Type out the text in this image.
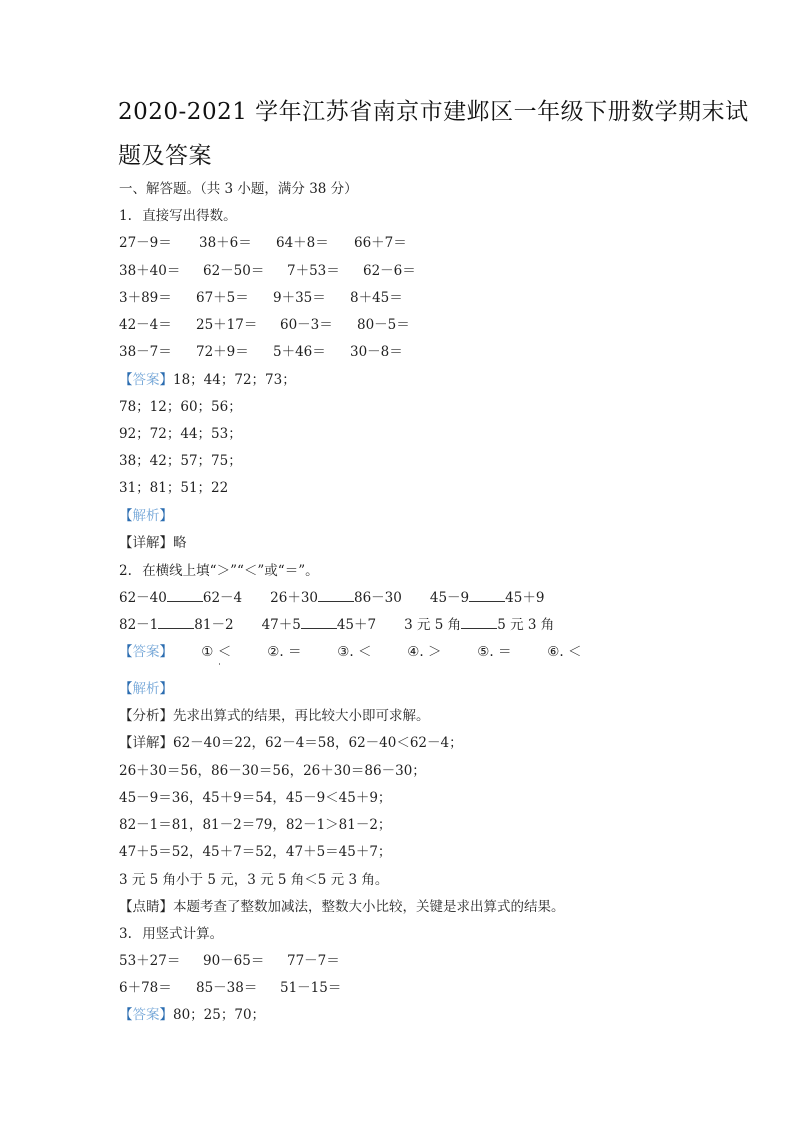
2020-2021 学年江苏省南京市建邺区一年级下册数学期末试
题及答案
一、解答题。（共 3 小题，满分 38 分）
1. 直接写出得数。
27－9＝ 38＋6＝ 64＋8＝ 66＋7＝
38＋40＝ 62－50＝ 7＋53＝ 62－6＝
3＋89＝ 67＋5＝ 9＋35＝ 8＋45＝
42－4＝ 25＋17＝ 60－3＝ 80－5＝
38－7＝ 72＋9＝ 5＋46＝ 30－8＝
【答案】18；44；72；73；
78；12；60；56；
92；72；44；53；
38；42；57；75；
31；81；51；22
【解析】
【详解】略
2. 在横线上填“＞”“＜”或“＝”。
62－40	62－4 26＋30	86－30 45－9	45＋9
82－1	81－2 47＋5	45＋7 3 元 5 角	5 元 3 角
【答案】 ① ＜	②. ＝	③. ＜	④. ＞	⑤. ＝	⑥. ＜
【解析】
【分析】先求出算式的结果，再比较大小即可求解。
【详解】62－40＝22，62－4＝58，62－40＜62－4；
26＋30＝56，86－30＝56，26＋30＝86－30；
45－9＝36，45＋9＝54，45－9＜45＋9；
82－1＝81，81－2＝79，82－1＞81－2；
47＋5＝52，45＋7＝52，47＋5＝45＋7；
3 元 5 角小于 5 元，3 元 5 角＜5 元 3 角。
【点睛】本题考查了整数加减法，整数大小比较，关键是求出算式的结果。
3. 用竖式计算。
53＋27＝ 90－65＝ 77－7＝
6＋78＝ 85－38＝ 51－15＝
【答案】80；25；70；
